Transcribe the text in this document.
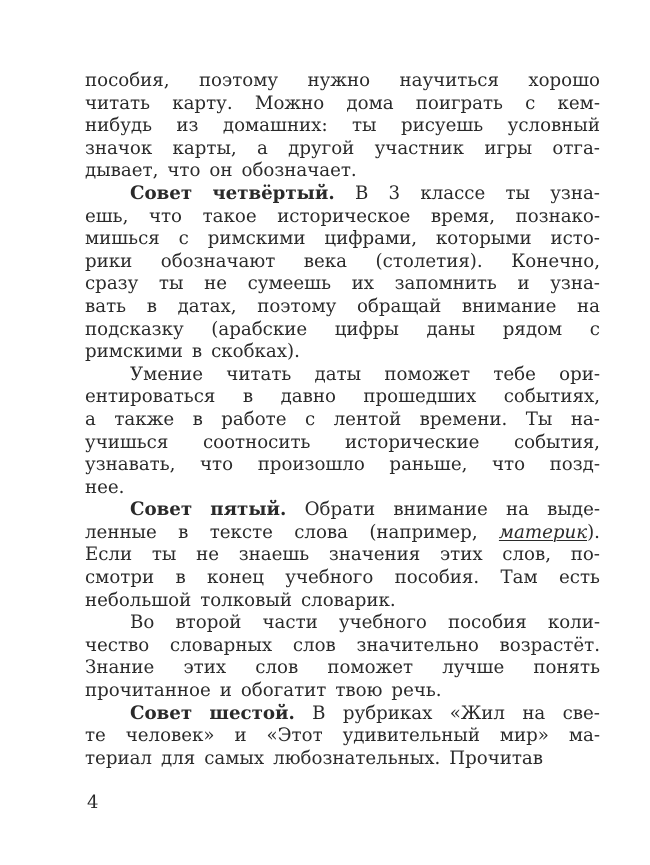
пособия, поэтому нужно научиться хорошо
читать карту. Можно дома поиграть с кем-
нибудь из домашних: ты рисуешь условный
значок карты, а другой участник игры отга-
дывает, что он обозначает.
Совет четвёртый. В 3 классе ты узна-
ешь, что такое историческое время, познако-
мишься с римскими цифрами, которыми исто-
рики обозначают века (столетия). Конечно,
сразу ты не сумеешь их запомнить и узна-
вать в датах, поэтому обращай внимание на
подсказку (арабские цифры даны рядом с
римскими в скобках).
Умение читать даты поможет тебе ори-
ентироваться в давно прошедших событиях,
а также в работе с лентой времени. Ты на-
учишься соотносить исторические события,
узнавать, что произошло раньше, что позд-
нее.
Совет пятый. Обрати внимание на выде-
ленные в тексте слова (например, материк).
Если ты не знаешь значения этих слов, по-
смотри в конец учебного пособия. Там есть
небольшой толковый словарик.
Во второй части учебного пособия коли-
чество словарных слов значительно возрастёт.
Знание этих слов поможет лучше понять
прочитанное и обогатит твою речь.
Совет шестой. В рубриках «Жил на све-
те человек» и «Этот удивительный мир» ма-
териал для самых любознательных. Прочитав
4
